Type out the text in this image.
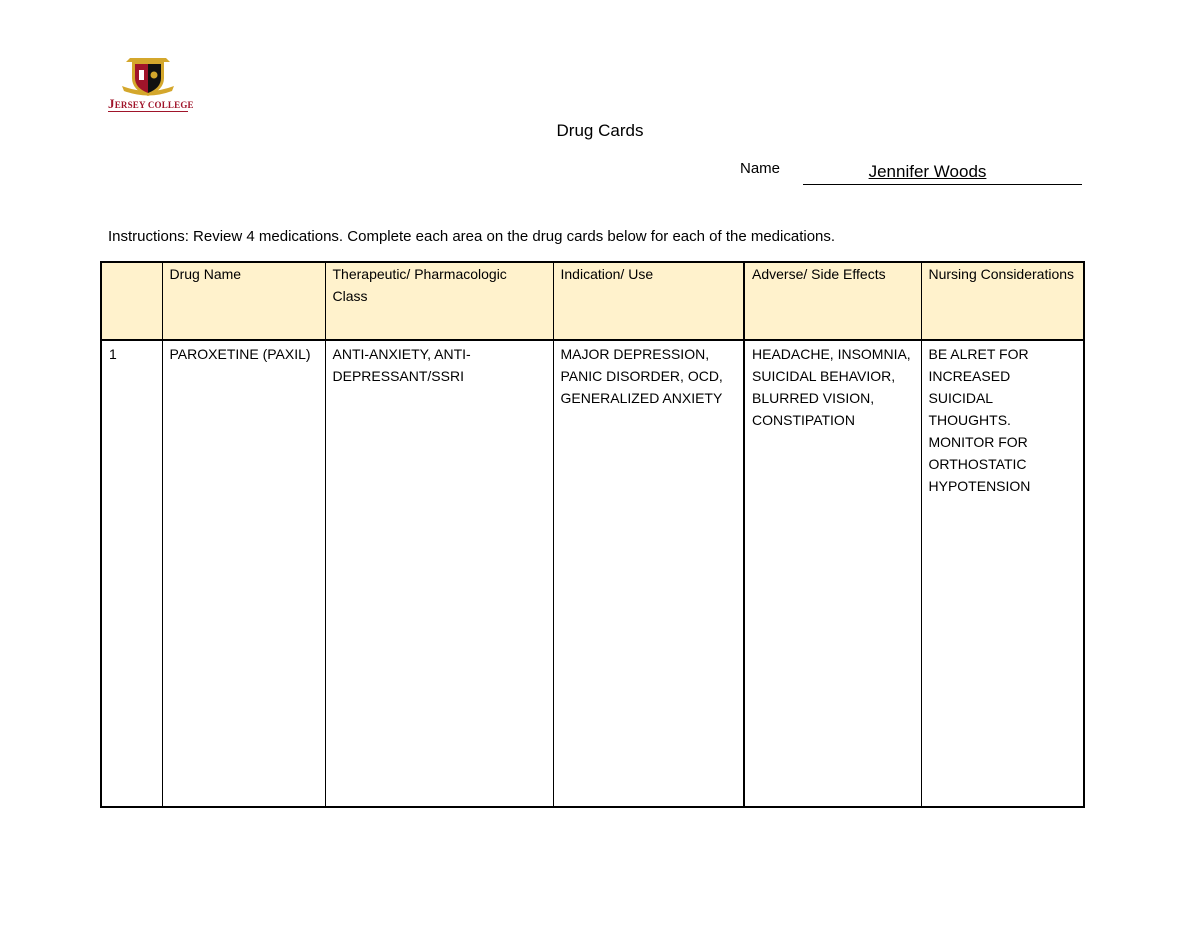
JERSEY COLLEGE
Drug Cards
Name	Jennifer Woods
Instructions: Review 4 medications. Complete each area on the drug cards below for each of the medications.
	Drug Name	Therapeutic/ Pharmacologic Class	Indication/ Use	Adverse/ Side Effects	Nursing Considerations
1	PAROXETINE (PAXIL)	ANTI-ANXIETY, ANTI-DEPRESSANT/SSRI	MAJOR DEPRESSION, PANIC DISORDER, OCD, GENERALIZED ANXIETY	HEADACHE, INSOMNIA, SUICIDAL BEHAVIOR, BLURRED VISION, CONSTIPATION	BE ALRET FOR INCREASED SUICIDAL THOUGHTS. MONITOR FOR ORTHOSTATIC HYPOTENSION
